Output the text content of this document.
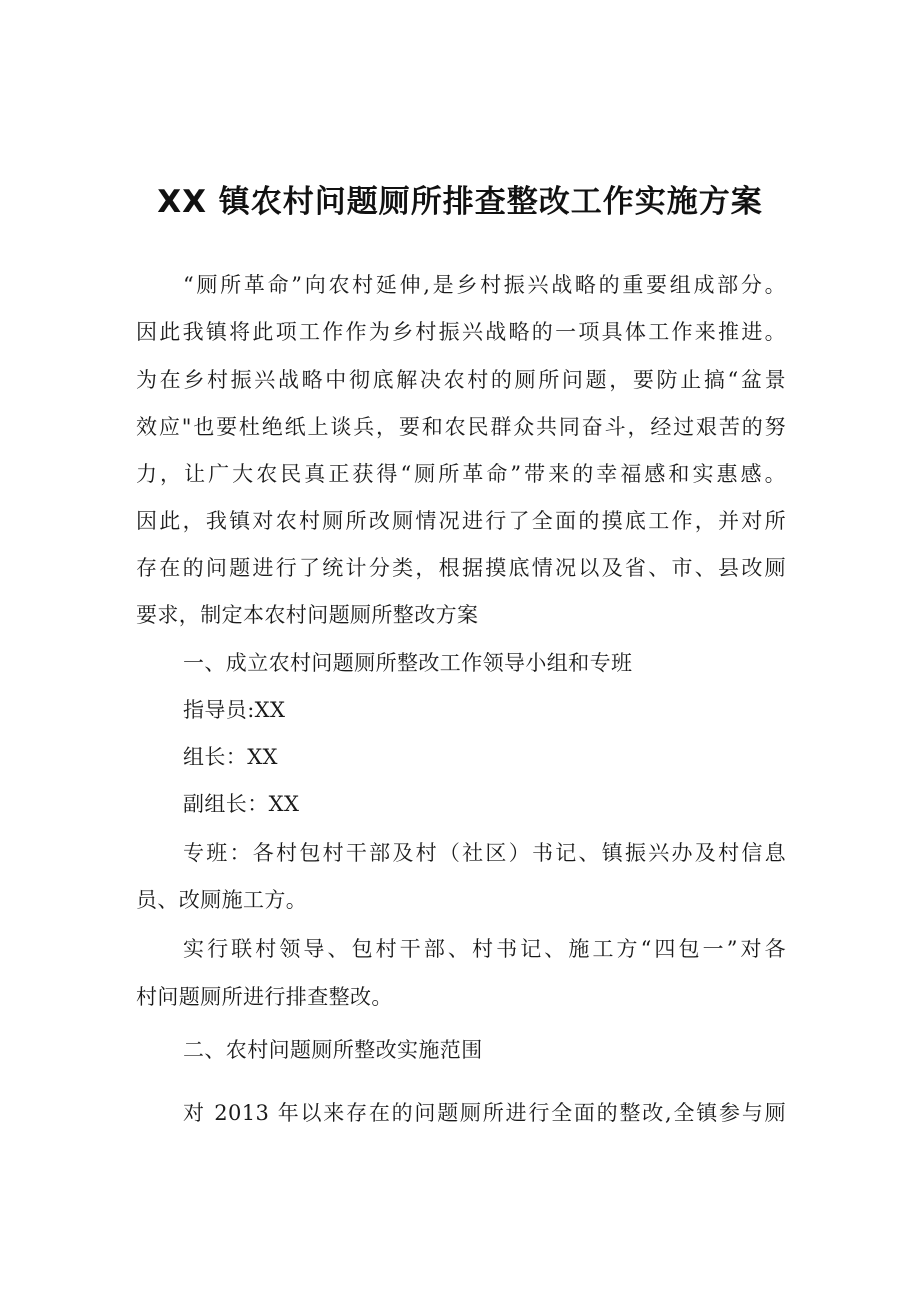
XX 镇农村问题厕所排查整改工作实施方案

“厕所革命”向农村延伸,是乡村振兴战略的重要组成部分。

因此我镇将此项工作作为乡村振兴战略的一项具体工作来推进。

为在乡村振兴战略中彻底解决农村的厕所问题，要防止搞“盆景

效应"也要杜绝纸上谈兵，要和农民群众共同奋斗，经过艰苦的努

力，让广大农民真正获得“厕所革命”带来的幸福感和实惠感。

因此，我镇对农村厕所改厕情况进行了全面的摸底工作，并对所

存在的问题进行了统计分类，根据摸底情况以及省、市、县改厕

要求，制定本农村问题厕所整改方案

一、成立农村问题厕所整改工作领导小组和专班

指导员:XX

组长：XX

副组长：XX

专班：各村包村干部及村（社区）书记、镇振兴办及村信息

员、改厕施工方。

实行联村领导、包村干部、村书记、施工方“四包一”对各

村问题厕所进行排查整改。

二、农村问题厕所整改实施范围

对 2013 年以来存在的问题厕所进行全面的整改,全镇参与厕
